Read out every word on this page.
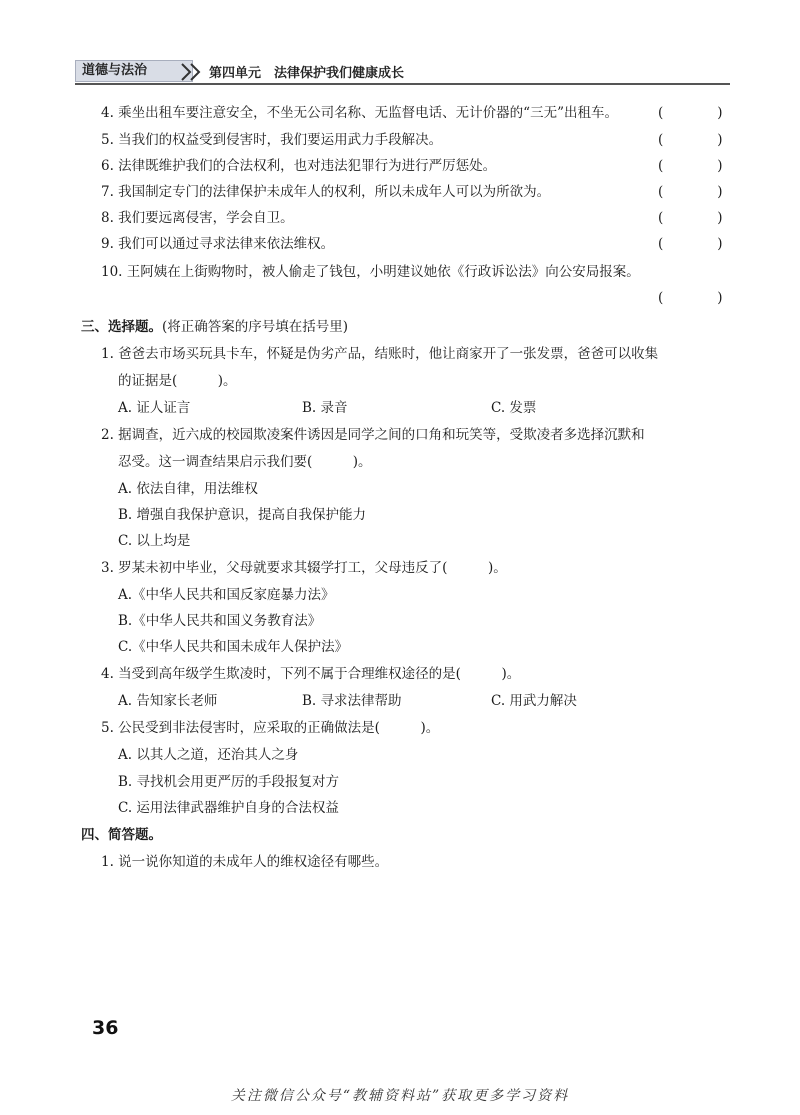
道德与法治	第四单元　法律保护我们健康成长
4. 乘坐出租车要注意安全，不坐无公司名称、无监督电话、无计价器的“三无”出租车。	(　　　　)
5. 当我们的权益受到侵害时，我们要运用武力手段解决。	(　　　　)
6. 法律既维护我们的合法权利，也对违法犯罪行为进行严厉惩处。	(　　　　)
7. 我国制定专门的法律保护未成年人的权利，所以未成年人可以为所欲为。	(　　　　)
8. 我们要远离侵害，学会自卫。	(　　　　)
9. 我们可以通过寻求法律来依法维权。	(　　　　)
10. 王阿姨在上街购物时，被人偷走了钱包，小明建议她依《行政诉讼法》向公安局报案。
(　　　　)
三、选择题。(将正确答案的序号填在括号里)
1. 爸爸去市场买玩具卡车，怀疑是伪劣产品，结账时，他让商家开了一张发票，爸爸可以收集
的证据是(　　　)。
A. 证人证言	B. 录音	C. 发票
2. 据调查，近六成的校园欺凌案件诱因是同学之间的口角和玩笑等，受欺凌者多选择沉默和
忍受。这一调查结果启示我们要(　　　)。
A. 依法自律，用法维权
B. 增强自我保护意识，提高自我保护能力
C. 以上均是
3. 罗某未初中毕业，父母就要求其辍学打工，父母违反了(　　　)。
A.《中华人民共和国反家庭暴力法》
B.《中华人民共和国义务教育法》
C.《中华人民共和国未成年人保护法》
4. 当受到高年级学生欺凌时，下列不属于合理维权途径的是(　　　)。
A. 告知家长老师	B. 寻求法律帮助	C. 用武力解决
5. 公民受到非法侵害时，应采取的正确做法是(　　　)。
A. 以其人之道，还治其人之身
B. 寻找机会用更严厉的手段报复对方
C. 运用法律武器维护自身的合法权益
四、简答题。
1. 说一说你知道的未成年人的维权途径有哪些。
36
关注微信公众号“教辅资料站”获取更多学习资料
